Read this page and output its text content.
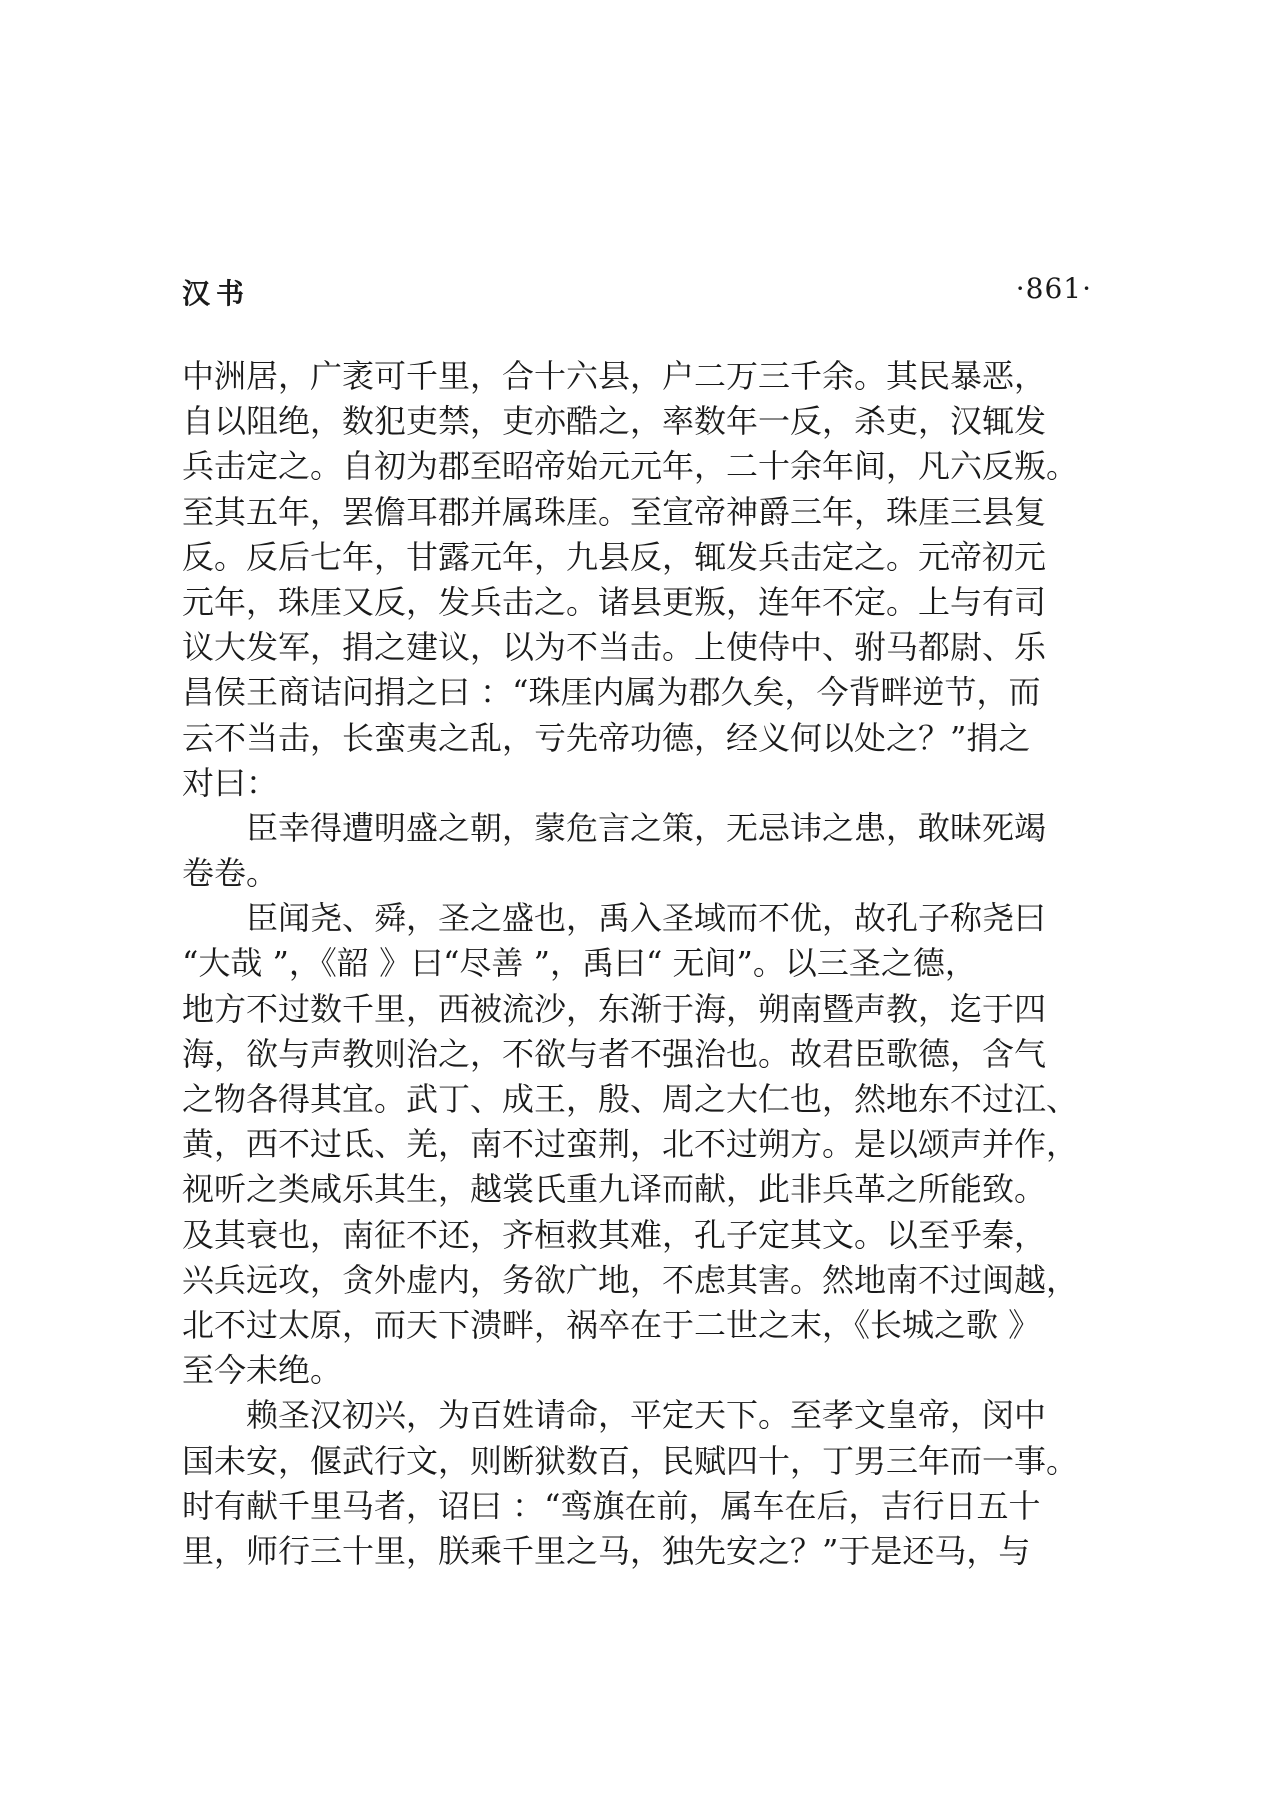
汉书	·861·
中洲居，广袤可千里，合十六县，户二万三千余。其民暴恶，
自以阻绝，数犯吏禁，吏亦酷之，率数年一反，杀吏，汉辄发
兵击定之。自初为郡至昭帝始元元年，二十余年间，凡六反叛。
至其五年，罢儋耳郡并属珠厓。至宣帝神爵三年，珠厓三县复
反。反后七年，甘露元年，九县反，辄发兵击定之。元帝初元
元年，珠厓又反，发兵击之。诸县更叛，连年不定。上与有司
议大发军，捐之建议，以为不当击。上使侍中、驸马都尉、乐
昌侯王商诘问捐之曰 ：“珠厓内属为郡久矣，今背畔逆节，而
云不当击，长蛮夷之乱，亏先帝功德，经义何以处之？”捐之
对曰：
臣幸得遭明盛之朝，蒙危言之策，无忌讳之患，敢昧死竭
卷卷。
臣闻尧、舜，圣之盛也，禹入圣域而不优，故孔子称尧曰
“大哉 ”，《韶 》曰“尽善 ”，禹曰“ 无间”。以三圣之德，
地方不过数千里，西被流沙，东渐于海，朔南暨声教，迄于四
海，欲与声教则治之，不欲与者不强治也。故君臣歌德，含气
之物各得其宜。武丁、成王，殷、周之大仁也，然地东不过江、
黄，西不过氐、羌，南不过蛮荆，北不过朔方。是以颂声并作，
视听之类咸乐其生，越裳氏重九译而献，此非兵革之所能致。
及其衰也，南征不还，齐桓救其难，孔子定其文。以至乎秦，
兴兵远攻，贪外虚内，务欲广地，不虑其害。然地南不过闽越，
北不过太原，而天下溃畔，祸卒在于二世之末，《长城之歌 》
至今未绝。
赖圣汉初兴，为百姓请命，平定天下。至孝文皇帝，闵中
国未安，偃武行文，则断狱数百，民赋四十，丁男三年而一事。
时有献千里马者，诏曰 ：“鸾旗在前，属车在后，吉行日五十
里，师行三十里，朕乘千里之马，独先安之？”于是还马，与
